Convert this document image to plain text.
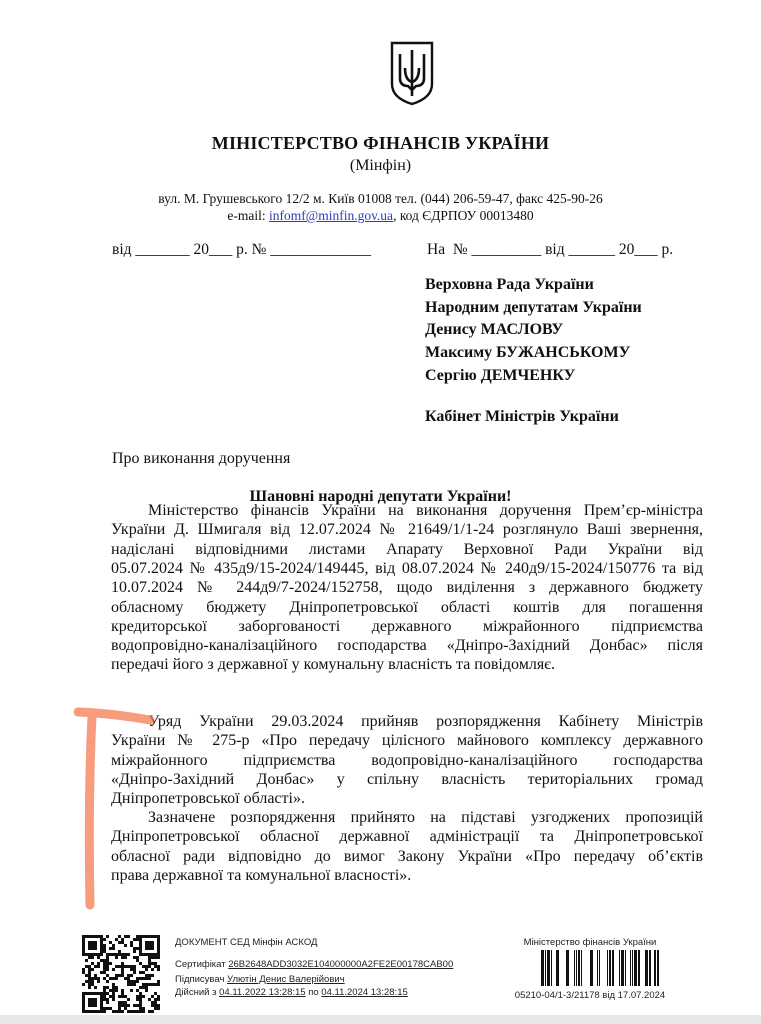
МІНІСТЕРСТВО ФІНАНСІВ УКРАЇНИ
(Мінфін)
вул. М. Грушевського 12/2 м. Київ 01008 тел. (044) 206-59-47, факс 425-90-26
e-mail: infomf@minfin.gov.ua, код ЄДРПОУ 00013480
від _______ 20___ р. № _____________	На  № _________ від ______ 20___ р.
Верховна Рада України
Народним депутатам України
Денису МАСЛОВУ
Максиму БУЖАНСЬКОМУ
Сергію ДЕМЧЕНКУ
Кабінет Міністрів України
Про виконання доручення
Шановні народні депутати України!
Міністерство фінансів України на виконання доручення Прем’єр-міністра
України Д. Шмигаля від 12.07.2024 № 21649/1/1-24 розглянуло Ваші звернення,
надіслані відповідними листами Апарату Верховної Ради України від
05.07.2024 № 435д9/15-2024/149445, від 08.07.2024 № 240д9/15-2024/150776 та від
10.07.2024 № 244д9/7-2024/152758, щодо виділення з державного бюджету
обласному бюджету Дніпропетровської області коштів для погашення
кредиторської заборгованості державного міжрайонного підприємства
водопровідно-каналізаційного господарства «Дніпро-Західний Донбас» після
передачі його з державної у комунальну власність та повідомляє.
Уряд України 29.03.2024 прийняв розпорядження Кабінету Міністрів
України № 275-р «Про передачу цілісного майнового комплексу державного
міжрайонного підприємства водопровідно-каналізаційного господарства
«Дніпро-Західний Донбас» у спільну власність територіальних громад
Дніпропетровської області».
Зазначене розпорядження прийнято на підставі узгоджених пропозицій
Дніпропетровської обласної державної адміністрації та Дніпропетровської
обласної ради відповідно до вимог Закону України «Про передачу об’єктів
права державної та комунальної власності».
ДОКУМЕНТ СЕД Мінфін АСКОД
Сертифікат 26B2648ADD3032E104000000A2FE2E00178CAB00
Підписувач Улютін Денис Валерійович
Дійсний з 04.11.2022 13:28:15 по 04.11.2024 13:28:15
Міністерство фінансів України
05210-04/1-3/21178 від 17.07.2024
